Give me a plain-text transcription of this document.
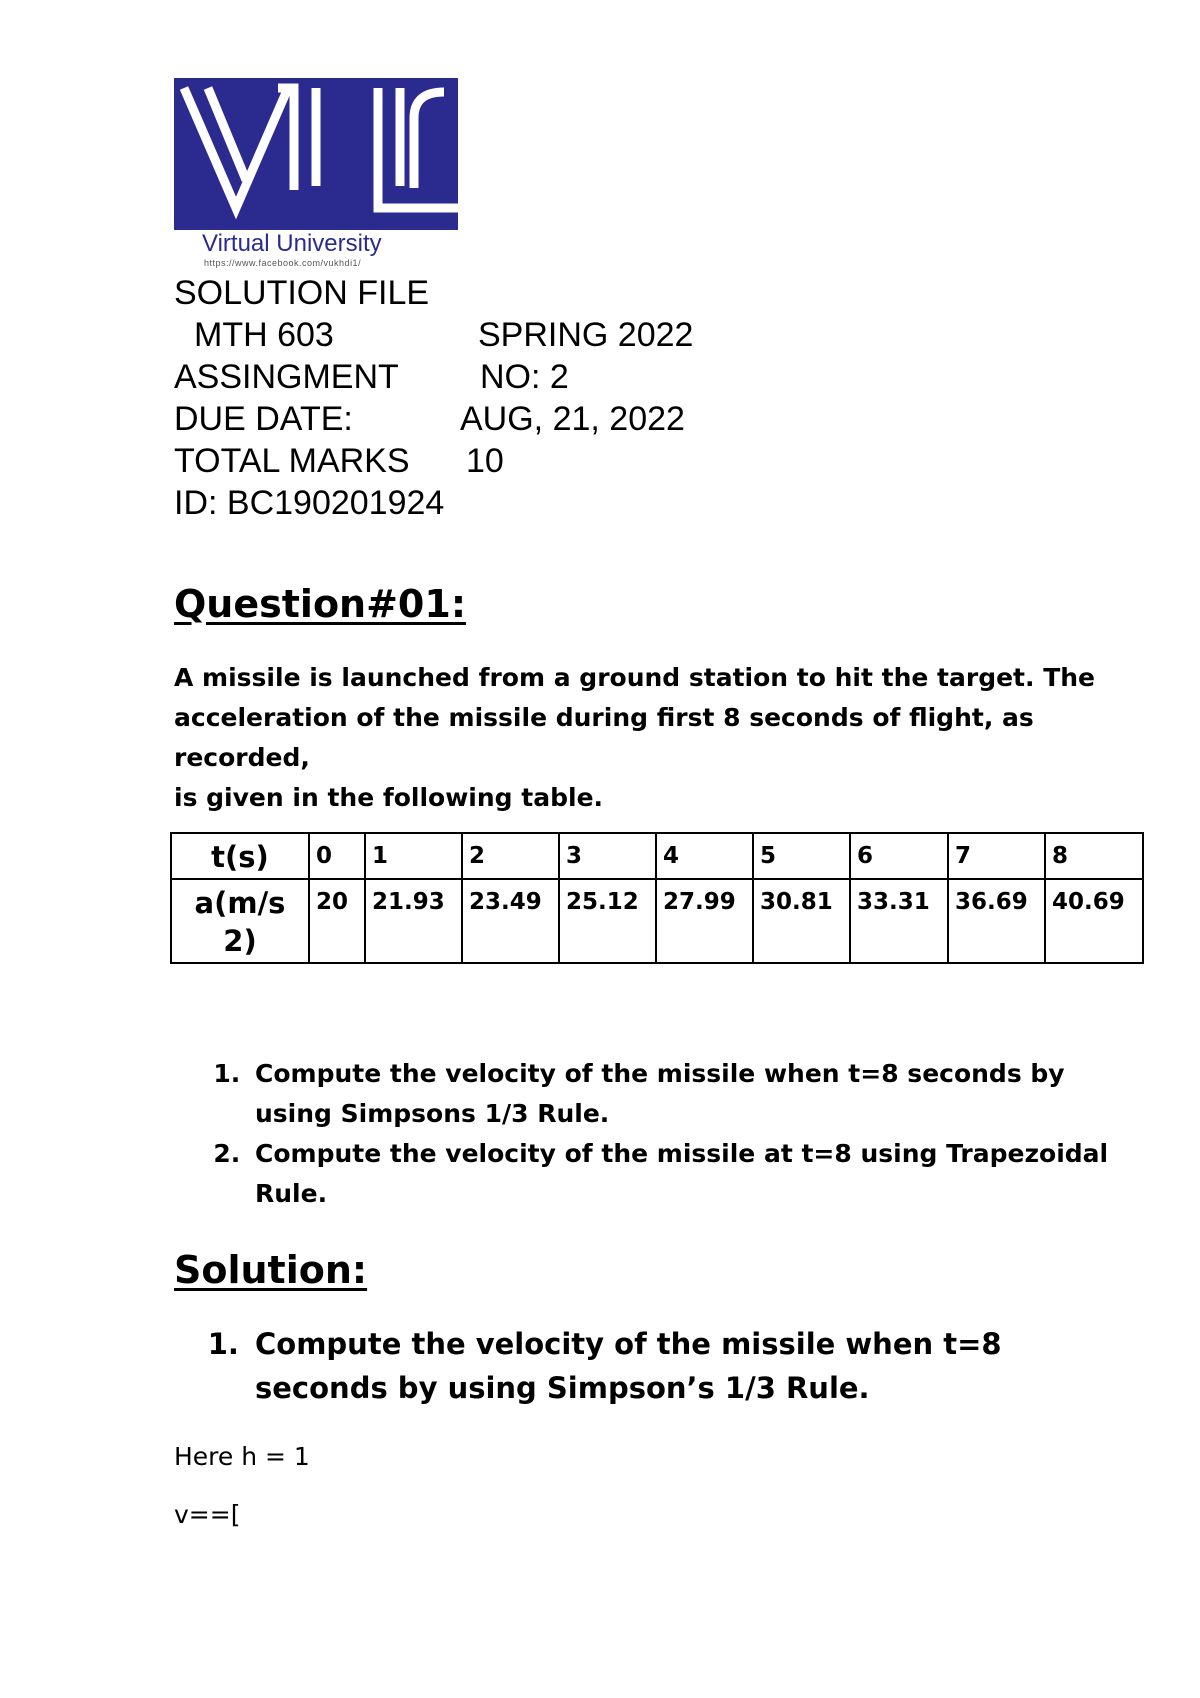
Virtual University
https://www.facebook.com/vukhdi1/
SOLUTION FILE
MTH 603	SPRING 2022
ASSINGMENT NO: 2
DUE DATE:	AUG, 21, 2022
TOTAL MARKS 10
ID: BC190201924
Question#01:
A missile is launched from a ground station to hit the target. The
acceleration of the missile during first 8 seconds of flight, as recorded,
is given in the following table.
t(s)	0	1	2	3	4	5	6	7	8
a(m/s 2)	20	21.93	23.49	25.12	27.99	30.81	33.31	36.69	40.69
1. Compute the velocity of the missile when t=8 seconds by using Simpsons 1/3 Rule.
2. Compute the velocity of the missile at t=8 using Trapezoidal Rule.
Solution:
1. Compute the velocity of the missile when t=8 seconds by using Simpson’s 1/3 Rule.
Here h = 1
v==[
